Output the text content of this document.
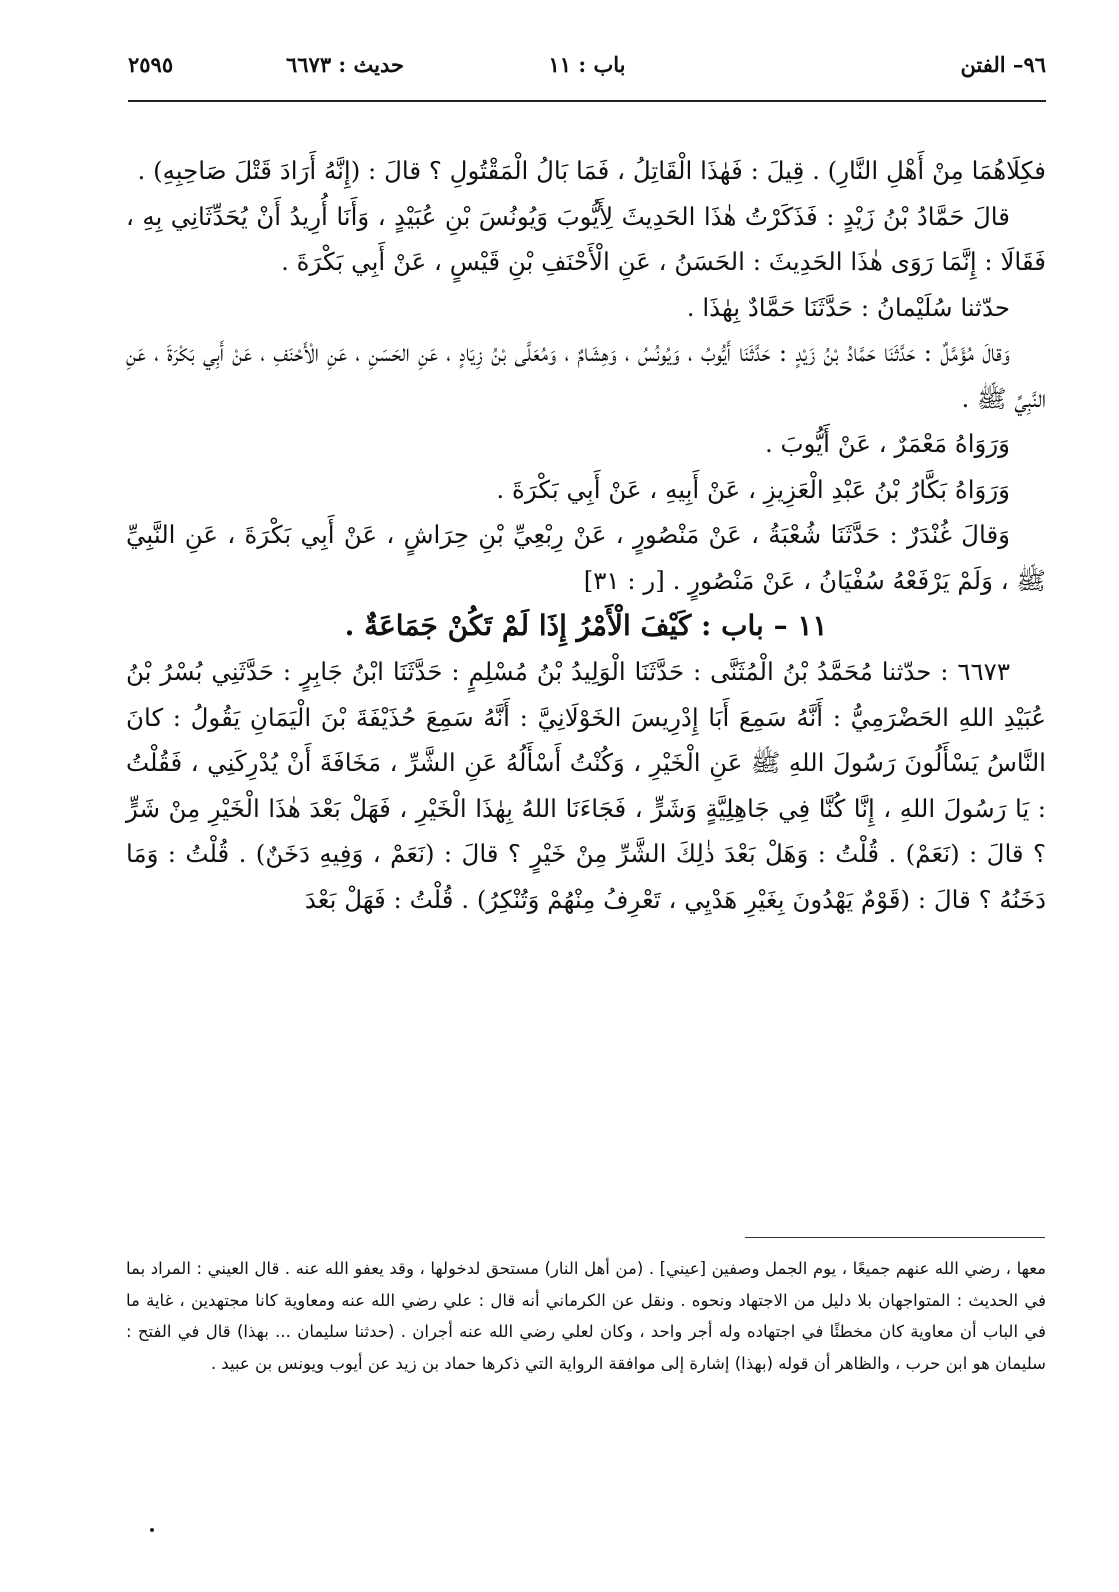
٩٦– الفتن
باب : ١١
حديث : ٦٦٧٣
٢٥٩٥

فكِلَاهُمَا مِنْ أَهْلِ النَّارِ) . قِيلَ : فَهٰذَا الْقَاتِلُ ، فَمَا بَالُ الْمَقْتُولِ ؟ قالَ : (إِنَّهُ أَرَادَ قَتْلَ صَاحِبِهِ) .

قالَ حَمَّادُ بْنُ زَيْدٍ : فَذَكَرْتُ هٰذَا الحَدِيثَ لِأَيُّوبَ وَيُونُسَ بْنِ عُبَيْدٍ ، وَأَنَا أُرِيدُ أَنْ يُحَدِّثَانِي بِهِ ، فَقَالَا : إِنَّمَا رَوَى هٰذَا الحَدِيثَ : الحَسَنُ ، عَنِ الْأَحْنَفِ بْنِ قَيْسٍ ، عَنْ أَبِي بَكْرَةَ .

حدّثنا سُلَيْمانُ : حَدَّثَنَا حَمَّادٌ بِهٰذَا .

وَقالَ مُؤَمَّلٌ : حَدَّثَنَا حَمَّادُ بْنُ زَيْدٍ : حَدَّثَنَا أَيُّوبُ ، وَيُونُسُ ، وَهِشَامٌ ، وَمُعَلَّى بْنُ زِيَادٍ ، عَنِ الحَسَنِ ، عَنِ الْأَحْنَفِ ، عَنْ أَبِي بَكْرَةَ ، عَنِ النَّبِيِّ ﷺ .

وَرَوَاهُ مَعْمَرٌ ، عَنْ أَيُّوبَ .

وَرَوَاهُ بَكَّارُ بْنُ عَبْدِ الْعَزِيزِ ، عَنْ أَبِيهِ ، عَنْ أَبِي بَكْرَةَ .

وَقالَ غُنْدَرٌ : حَدَّثَنَا شُعْبَةُ ، عَنْ مَنْصُورٍ ، عَنْ رِبْعِيِّ بْنِ حِرَاشٍ ، عَنْ أَبِي بَكْرَةَ ، عَنِ النَّبِيِّ ﷺ ، وَلَمْ يَرْفَعْهُ سُفْيَانُ ، عَنْ مَنْصُورٍ . [ر : ٣١]

١١ – باب : كَيْفَ الْأَمْرُ إِذَا لَمْ تَكُنْ جَمَاعَةٌ .

٦٦٧٣ : حدّثنا مُحَمَّدُ بْنُ الْمُثَنَّى : حَدَّثَنَا الْوَلِيدُ بْنُ مُسْلِمٍ : حَدَّثَنَا ابْنُ جَابِرٍ : حَدَّثَنِي بُسْرُ بْنُ عُبَيْدِ اللهِ الحَضْرَمِيُّ : أَنَّهُ سَمِعَ أَبَا إِدْرِيسَ الخَوْلَانِيَّ : أَنَّهُ سَمِعَ حُذَيْفَةَ بْنَ الْيَمَانِ يَقُولُ : كانَ النَّاسُ يَسْأَلُونَ رَسُولَ اللهِ ﷺ عَنِ الْخَيْرِ ، وَكُنْتُ أَسْأَلُهُ عَنِ الشَّرِّ ، مَخَافَةَ أَنْ يُدْرِكَنِي ، فَقُلْتُ : يَا رَسُولَ اللهِ ، إِنَّا كُنَّا فِي جَاهِلِيَّةٍ وَشَرٍّ ، فَجَاءَنَا اللهُ بِهٰذَا الْخَيْرِ ، فَهَلْ بَعْدَ هٰذَا الْخَيْرِ مِنْ شَرٍّ ؟ قالَ : (نَعَمْ) . قُلْتُ : وَهَلْ بَعْدَ ذٰلِكَ الشَّرِّ مِنْ خَيْرٍ ؟ قالَ : (نَعَمْ ، وَفِيهِ دَخَنٌ) . قُلْتُ : وَمَا دَخَنُهُ ؟ قالَ : (قَوْمٌ يَهْدُونَ بِغَيْرِ هَدْيِي ، تَعْرِفُ مِنْهُمْ وَتُنْكِرُ) . قُلْتُ : فَهَلْ بَعْدَ

معها ، رضي الله عنهم جميعًا ، يوم الجمل وصفين [عيني] . (من أهل النار) مستحق لدخولها ، وقد يعفو الله عنه . قال العيني : المراد بما في الحديث : المتواجهان بلا دليل من الاجتهاد ونحوه . ونقل عن الكرماني أنه قال : علي رضي الله عنه ومعاوية كانا مجتهدين ، غاية ما في الباب أن معاوية كان مخطئًا في اجتهاده وله أجر واحد ، وكان لعلي رضي الله عنه أجران . (حدثنا سليمان ... بهذا) قال في الفتح : سليمان هو ابن حرب ، والظاهر أن قوله (بهذا) إشارة إلى موافقة الرواية التي ذكرها حماد بن زيد عن أيوب ويونس بن عبيد .
